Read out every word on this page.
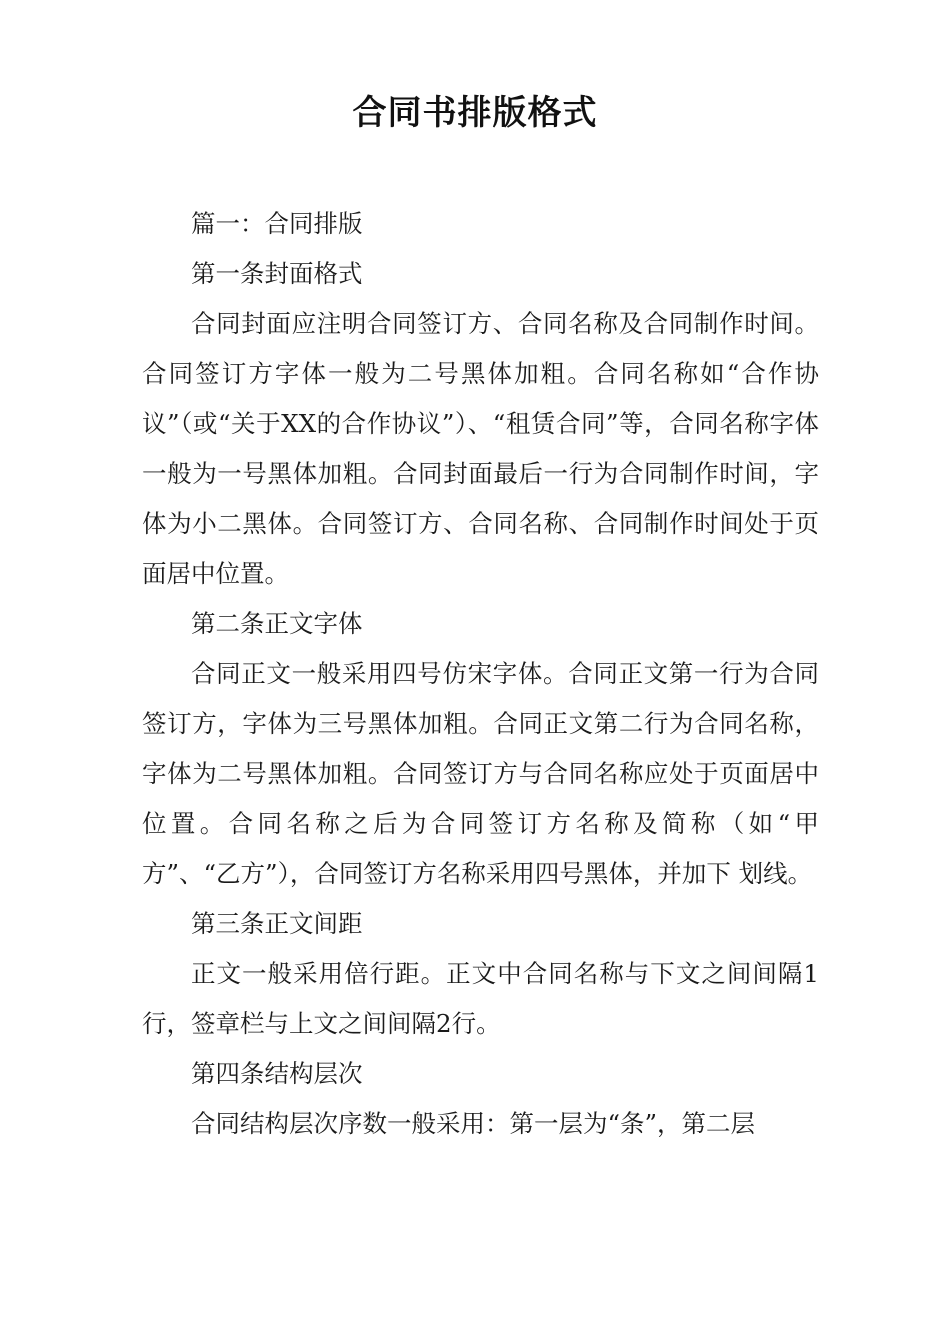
合同书排版格式

篇一：合同排版

第一条封面格式

合同封面应注明合同签订方、合同名称及合同制作时间。合同签订方字体一般为二号黑体加粗。合同名称如“合作协议”（或“关于XX的合作协议”）、“租赁合同”等，合同名称字体一般为一号黑体加粗。合同封面最后一行为合同制作时间，字体为小二黑体。合同签订方、合同名称、合同制作时间处于页面居中位置。

第二条正文字体

合同正文一般采用四号仿宋字体。合同正文第一行为合同签订方，字体为三号黑体加粗。合同正文第二行为合同名称，字体为二号黑体加粗。合同签订方与合同名称应处于页面居中位置。合同名称之后为合同签订方名称及简称（如“甲 方”、“乙方”），合同签订方名称采用四号黑体，并加下 划线。

第三条正文间距

正文一般采用倍行距。正文中合同名称与下文之间间隔1行，签章栏与上文之间间隔2行。

第四条结构层次

合同结构层次序数一般采用：第一层为“条”，第二层
